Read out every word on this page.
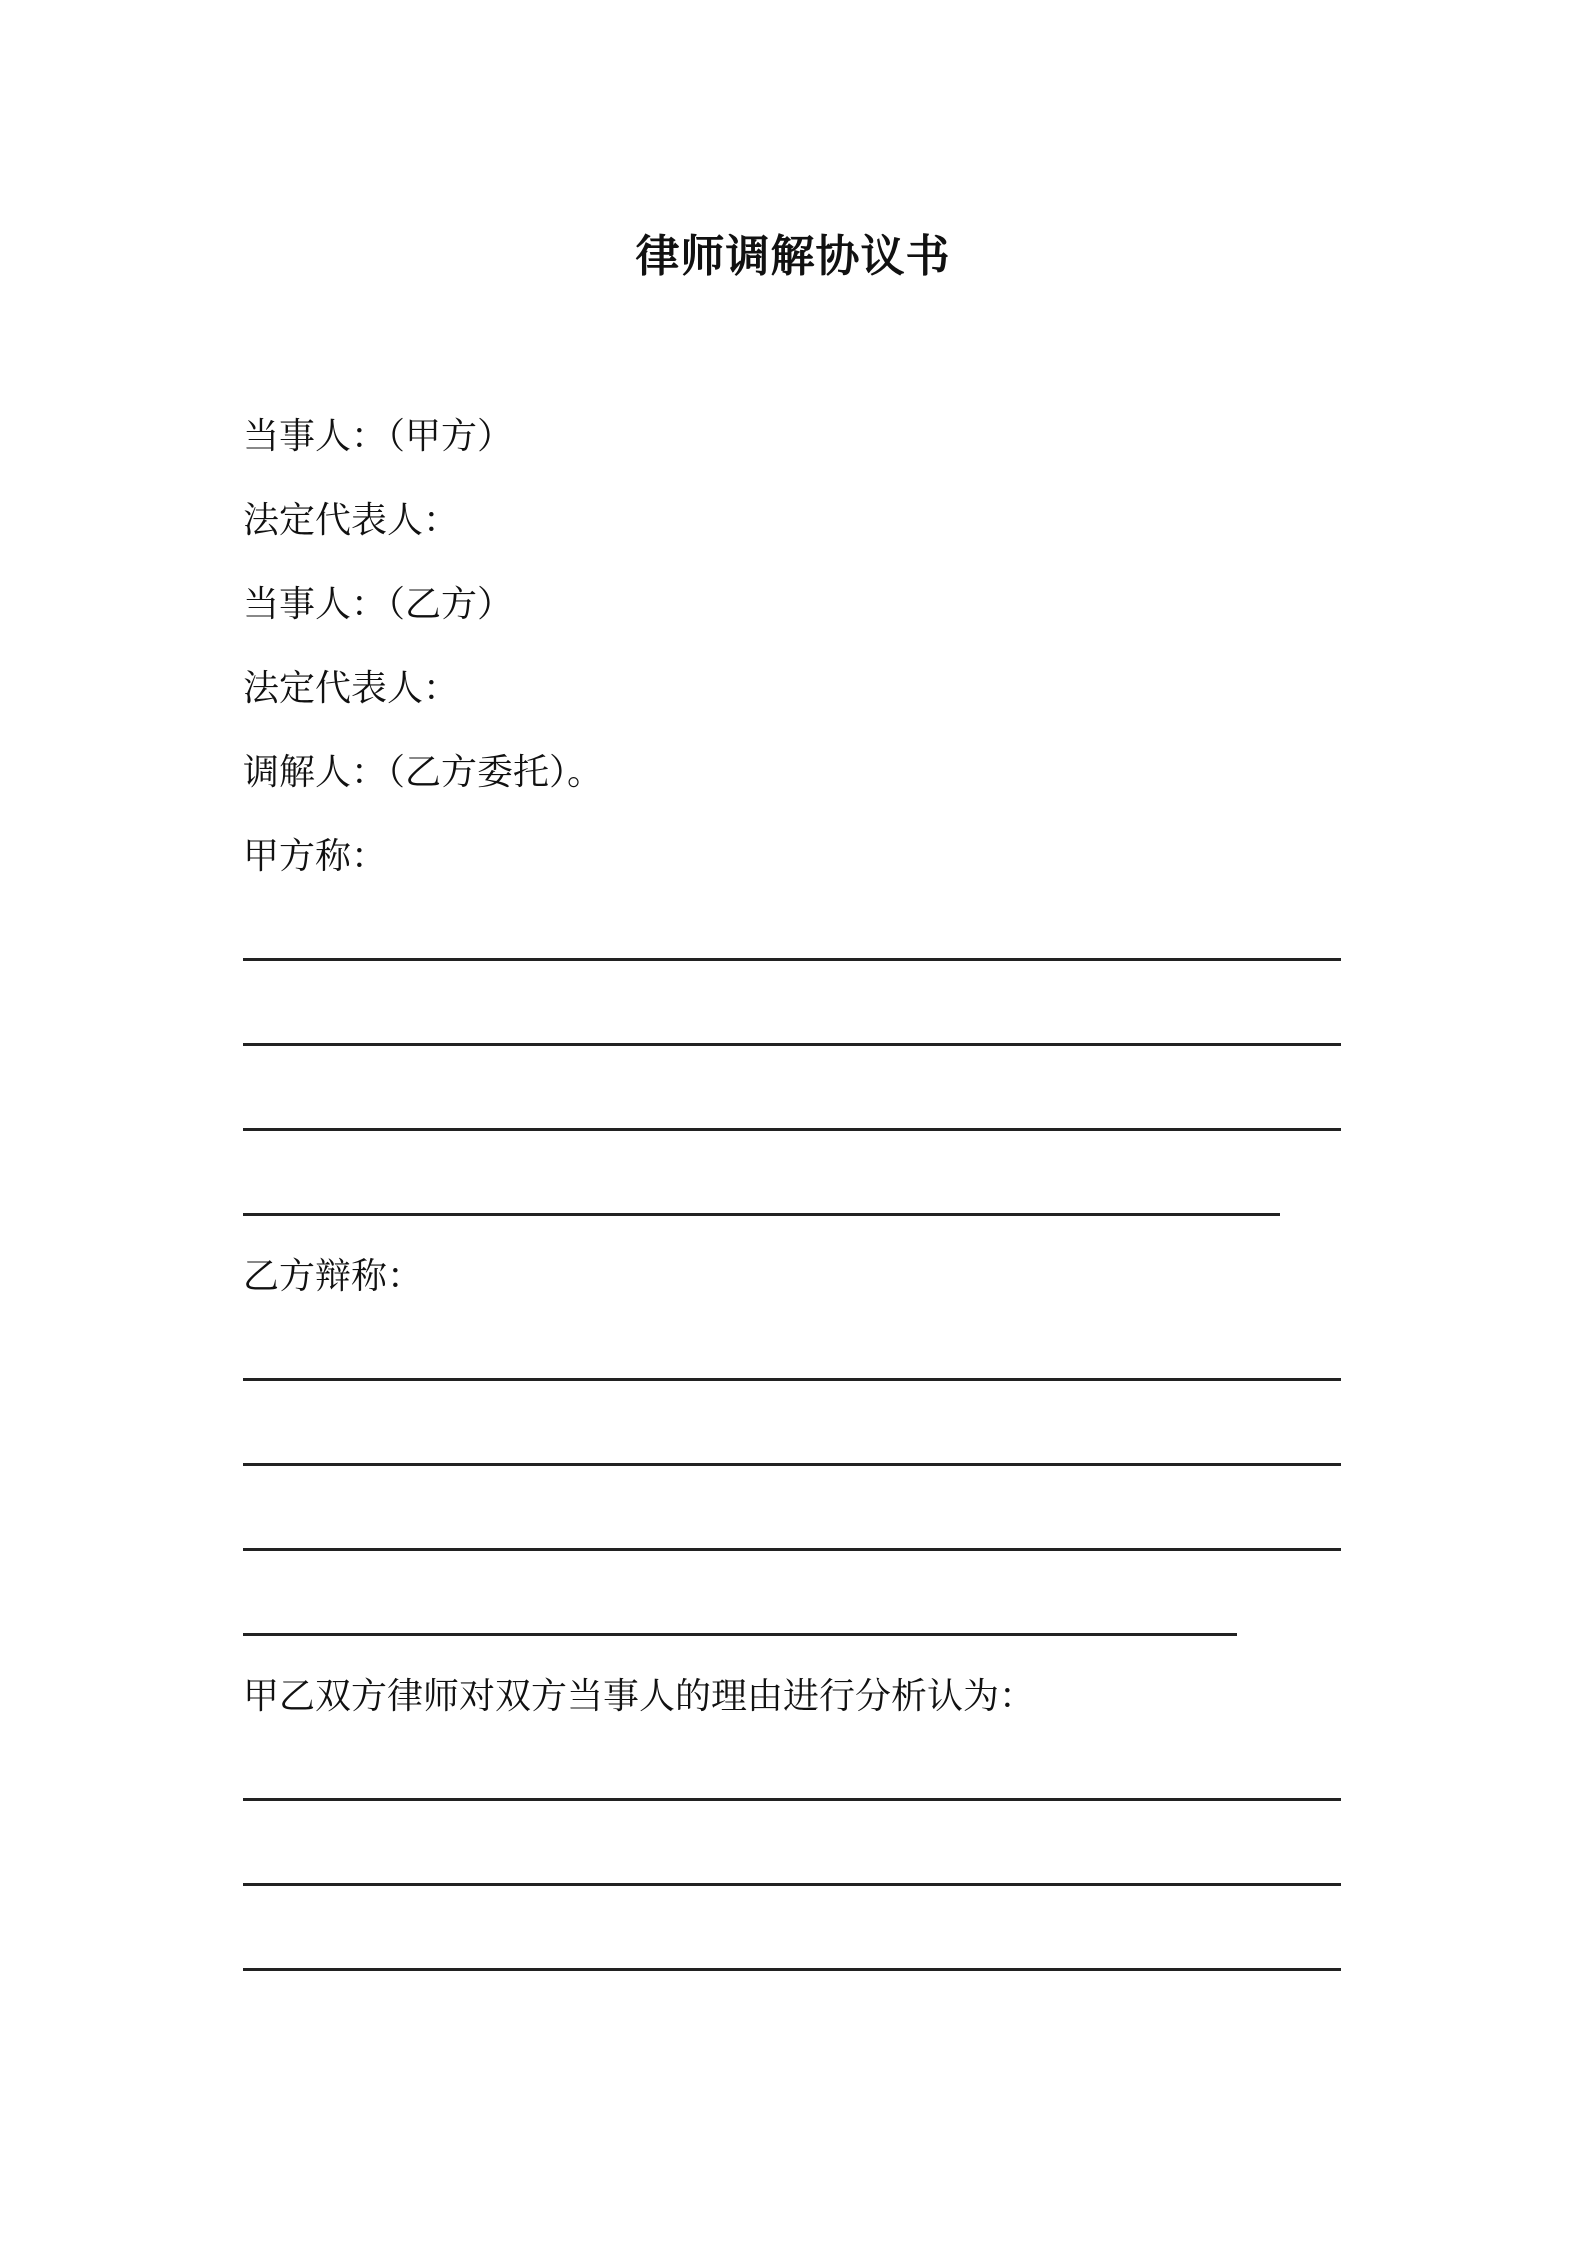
律师调解协议书
当事人：（甲方）
法定代表人：
当事人：（乙方）
法定代表人：
调解人：（乙方委托）。
甲方称：
乙方辩称：
甲乙双方律师对双方当事人的理由进行分析认为：
